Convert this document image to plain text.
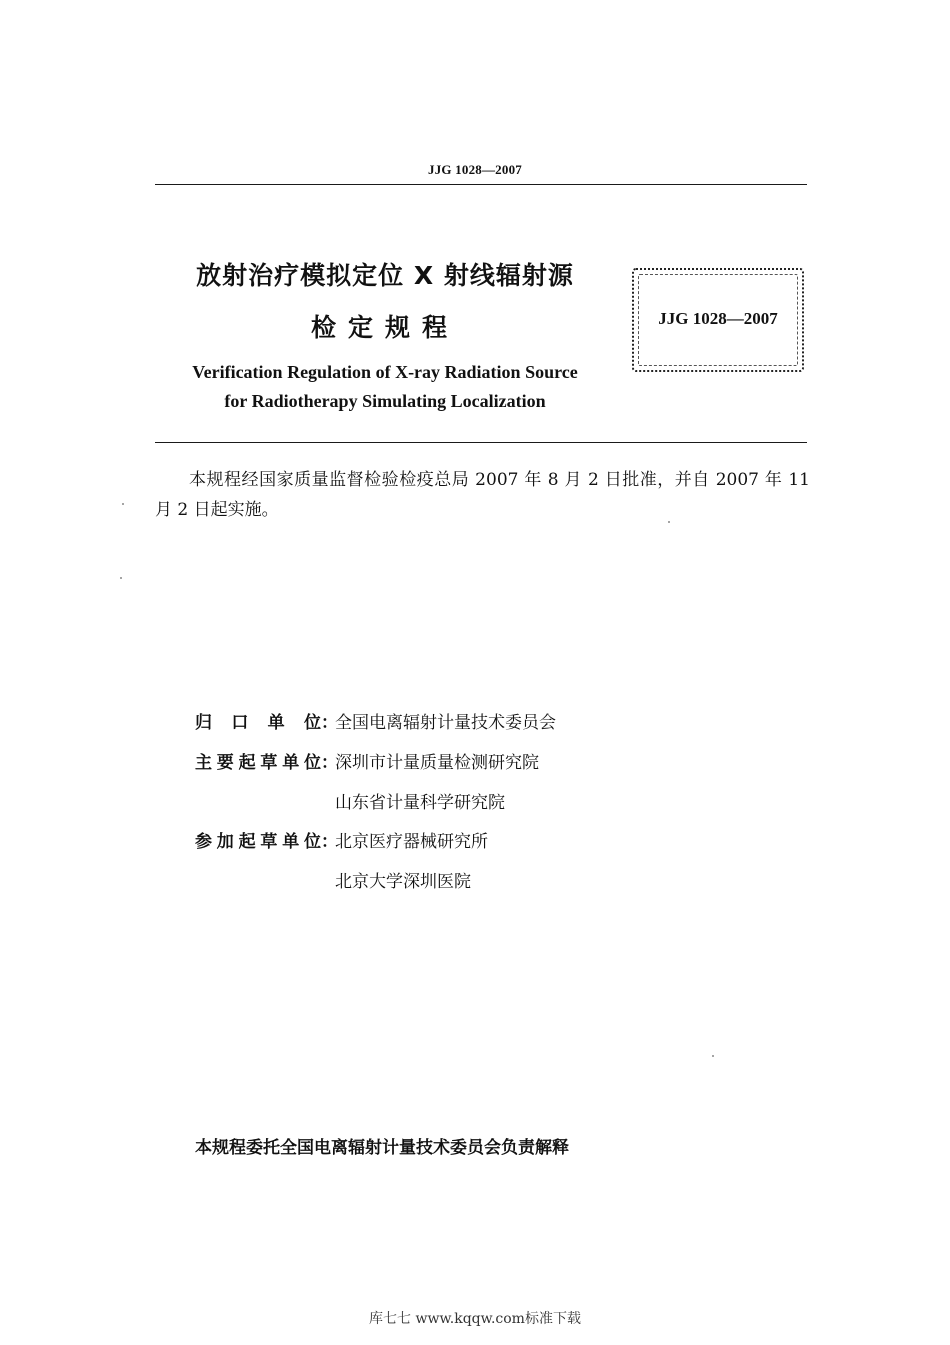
JJG 1028—2007
放射治疗模拟定位 X 射线辐射源
检定规程	JJG 1028—2007
Verification Regulation of X-ray Radiation Source
for Radiotherapy Simulating Localization
本规程经国家质量监督检验检疫总局 2007 年 8 月 2 日批准，并自 2007 年 11 月 2 日起实施。
归 口 单 位 ：
全国电离辐射计量技术委员会
主 要 起 草 单 位 ：
深圳市计量质量检测研究院
山东省计量科学研究院
参 加 起 草 单 位 ：
北京医疗器械研究所
北京大学深圳医院
本规程委托全国电离辐射计量技术委员会负责解释
库七七 www.kqqw.com标准下载
